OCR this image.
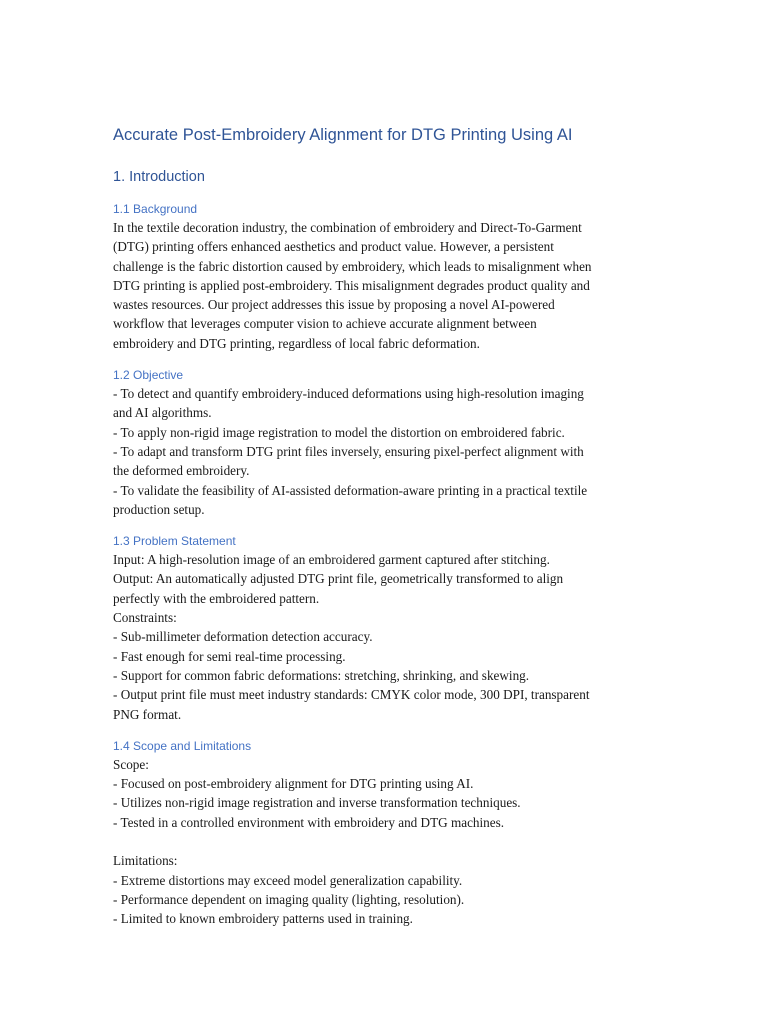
Accurate Post-Embroidery Alignment for DTG Printing Using AI
1. Introduction
1.1 Background
In the textile decoration industry, the combination of embroidery and Direct-To-Garment
(DTG) printing offers enhanced aesthetics and product value. However, a persistent
challenge is the fabric distortion caused by embroidery, which leads to misalignment when
DTG printing is applied post-embroidery. This misalignment degrades product quality and
wastes resources. Our project addresses this issue by proposing a novel AI-powered
workflow that leverages computer vision to achieve accurate alignment between
embroidery and DTG printing, regardless of local fabric deformation.
1.2 Objective
- To detect and quantify embroidery-induced deformations using high-resolution imaging
and AI algorithms.
- To apply non-rigid image registration to model the distortion on embroidered fabric.
- To adapt and transform DTG print files inversely, ensuring pixel-perfect alignment with
the deformed embroidery.
- To validate the feasibility of AI-assisted deformation-aware printing in a practical textile
production setup.
1.3 Problem Statement
Input: A high-resolution image of an embroidered garment captured after stitching.
Output: An automatically adjusted DTG print file, geometrically transformed to align
perfectly with the embroidered pattern.
Constraints:
- Sub-millimeter deformation detection accuracy.
- Fast enough for semi real-time processing.
- Support for common fabric deformations: stretching, shrinking, and skewing.
- Output print file must meet industry standards: CMYK color mode, 300 DPI, transparent
PNG format.
1.4 Scope and Limitations
Scope:
- Focused on post-embroidery alignment for DTG printing using AI.
- Utilizes non-rigid image registration and inverse transformation techniques.
- Tested in a controlled environment with embroidery and DTG machines.
Limitations:
- Extreme distortions may exceed model generalization capability.
- Performance dependent on imaging quality (lighting, resolution).
- Limited to known embroidery patterns used in training.
